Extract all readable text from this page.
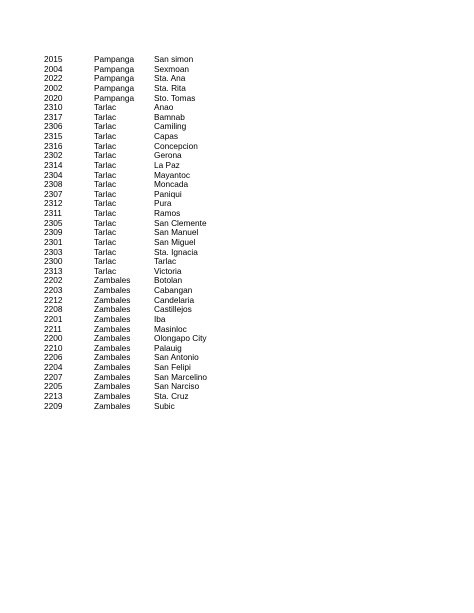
2015	Pampanga	San simon
2004	Pampanga	Sexmoan
2022	Pampanga	Sta. Ana
2002	Pampanga	Sta. Rita
2020	Pampanga	Sto. Tomas
2310	Tarlac	Anao
2317	Tarlac	Bamnab
2306	Tarlac	Camiling
2315	Tarlac	Capas
2316	Tarlac	Concepcion
2302	Tarlac	Gerona
2314	Tarlac	La Paz
2304	Tarlac	Mayantoc
2308	Tarlac	Moncada
2307	Tarlac	Paniqui
2312	Tarlac	Pura
2311	Tarlac	Ramos
2305	Tarlac	San Clemente
2309	Tarlac	San Manuel
2301	Tarlac	San Miguel
2303	Tarlac	Sta. Ignacia
2300	Tarlac	Tarlac
2313	Tarlac	Victoria
2202	Zambales	Botolan
2203	Zambales	Cabangan
2212	Zambales	Candelaria
2208	Zambales	Castillejos
2201	Zambales	Iba
2211	Zambales	Masinloc
2200	Zambales	Olongapo City
2210	Zambales	Palauig
2206	Zambales	San Antonio
2204	Zambales	San Felipi
2207	Zambales	San Marcelino
2205	Zambales	San Narciso
2213	Zambales	Sta. Cruz
2209	Zambales	Subic
